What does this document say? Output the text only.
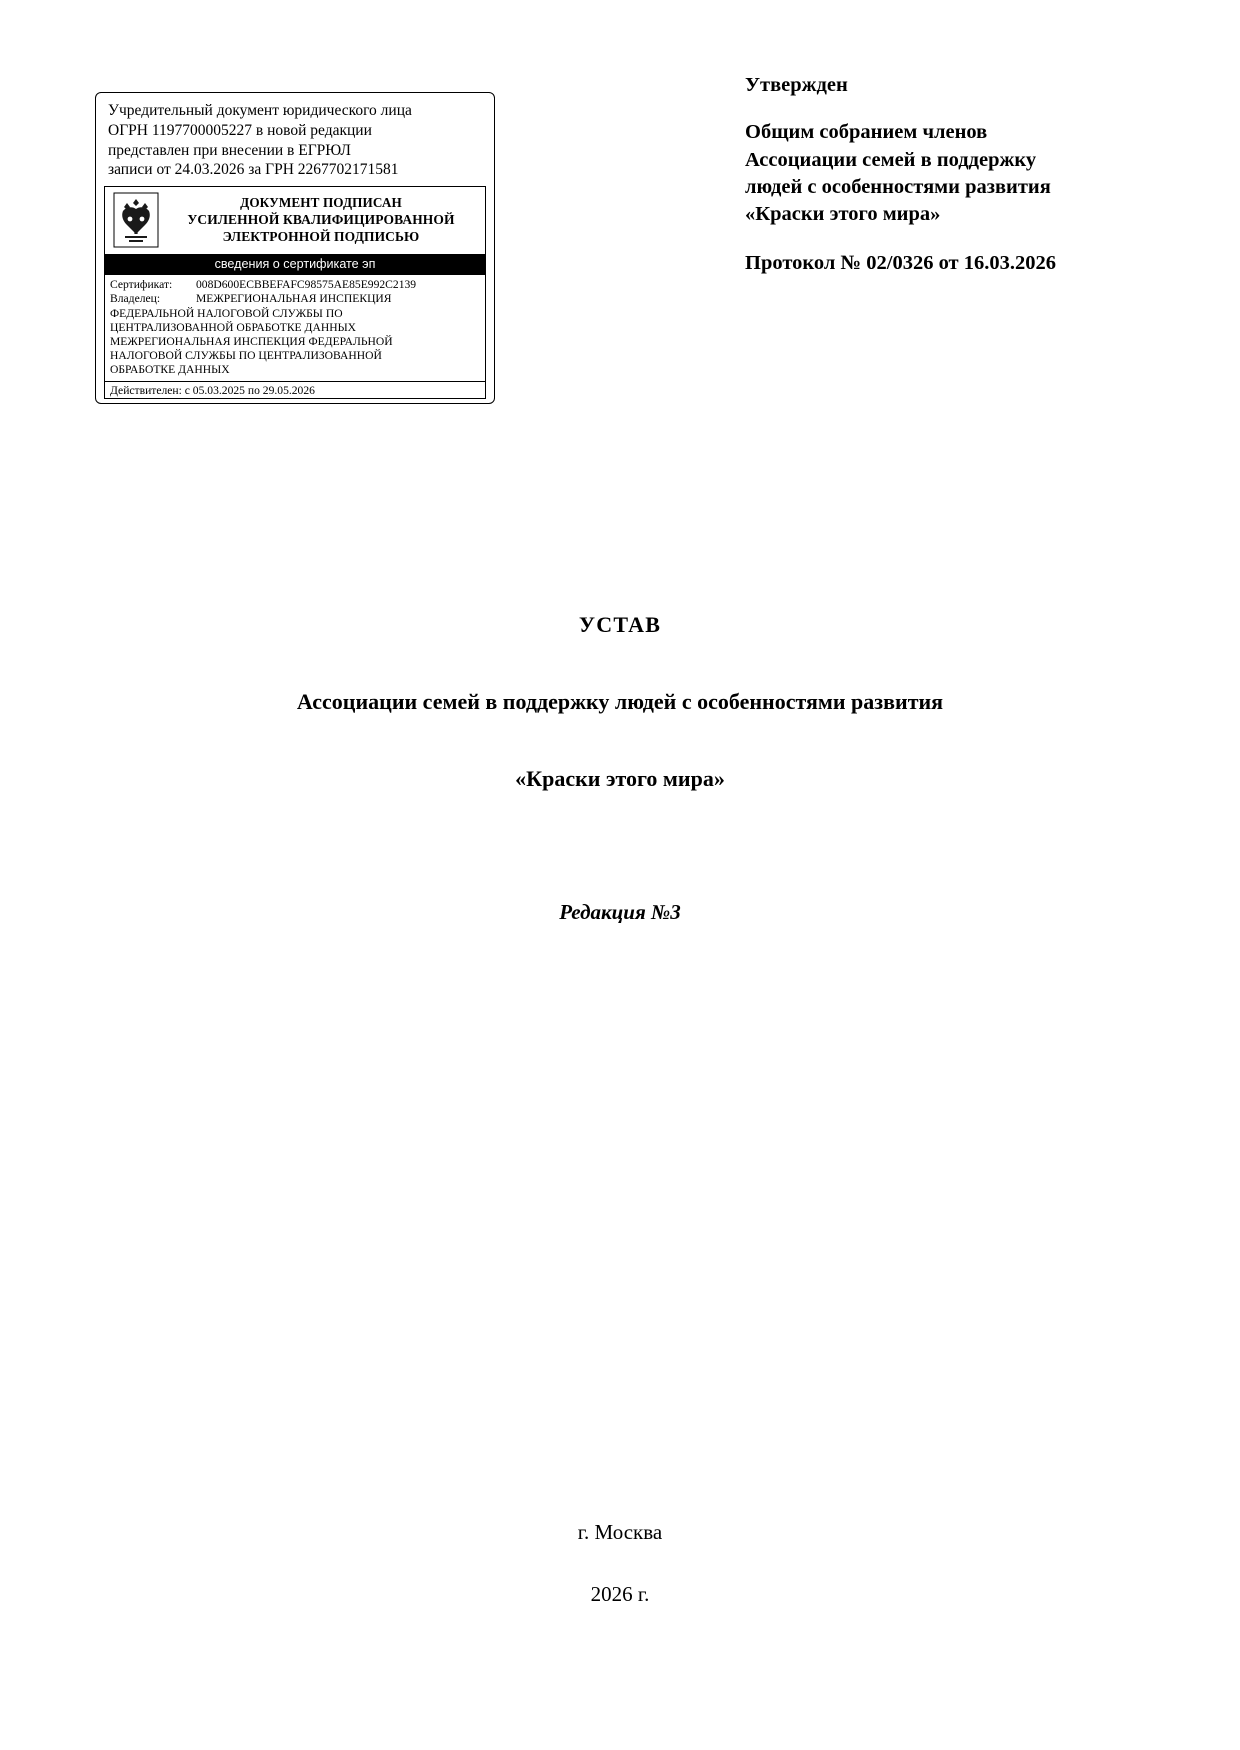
Учредительный документ юридического лица
ОГРН 1197700005227 в новой редакции
представлен при внесении в ЕГРЮЛ
записи от 24.03.2026 за ГРН 2267702171581
ДОКУМЕНТ ПОДПИСАН
УСИЛЕННОЙ КВАЛИФИЦИРОВАННОЙ
ЭЛЕКТРОННОЙ ПОДПИСЬЮ
сведения о сертификате эп
Сертификат:	008D600ECBBEFAFC98575AE85E992C2139
Владелец:	МЕЖРЕГИОНАЛЬНАЯ ИНСПЕКЦИЯ
ФЕДЕРАЛЬНОЙ НАЛОГОВОЙ СЛУЖБЫ ПО
ЦЕНТРАЛИЗОВАННОЙ ОБРАБОТКЕ ДАННЫХ
МЕЖРЕГИОНАЛЬНАЯ ИНСПЕКЦИЯ ФЕДЕРАЛЬНОЙ
НАЛОГОВОЙ СЛУЖБЫ ПО ЦЕНТРАЛИЗОВАННОЙ
ОБРАБОТКЕ ДАННЫХ
Действителен: с 05.03.2025 по 29.05.2026
Утвержден
Общим собранием членов
Ассоциации семей в поддержку
людей с особенностями развития
«Краски этого мира»
Протокол № 02/0326 от 16.03.2026
УСТАВ
Ассоциации семей в поддержку людей с особенностями развития
«Краски этого мира»
Редакция №3
г. Москва
2026 г.
